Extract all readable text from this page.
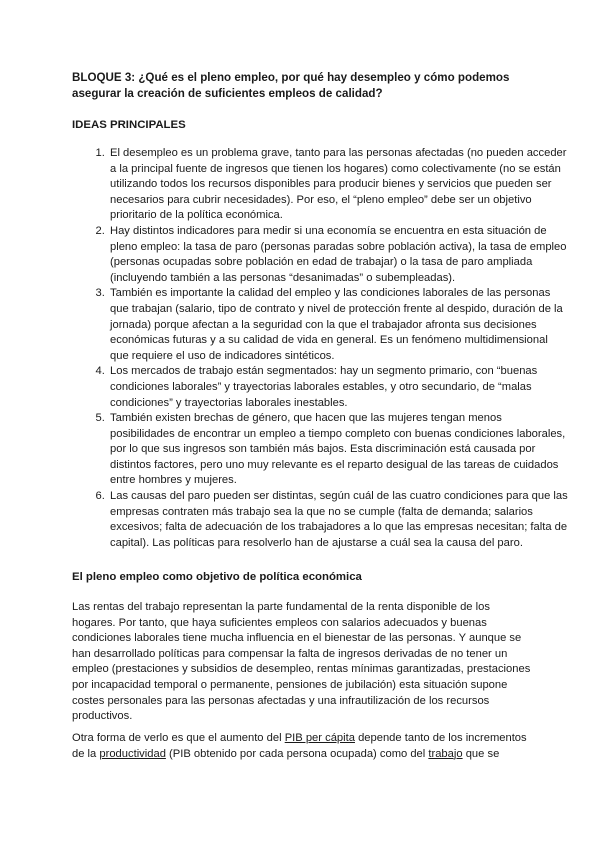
BLOQUE 3: ¿Qué es el pleno empleo, por qué hay desempleo y cómo podemos asegurar la creación de suficientes empleos de calidad?
IDEAS PRINCIPALES
1. El desempleo es un problema grave, tanto para las personas afectadas (no pueden acceder a la principal fuente de ingresos que tienen los hogares) como colectivamente (no se están utilizando todos los recursos disponibles para producir bienes y servicios que pueden ser necesarios para cubrir necesidades). Por eso, el “pleno empleo” debe ser un objetivo prioritario de la política económica.
2. Hay distintos indicadores para medir si una economía se encuentra en esta situación de pleno empleo: la tasa de paro (personas paradas sobre población activa), la tasa de empleo (personas ocupadas sobre población en edad de trabajar) o la tasa de paro ampliada (incluyendo también a las personas “desanimadas” o subempleadas).
3. También es importante la calidad del empleo y las condiciones laborales de las personas que trabajan (salario, tipo de contrato y nivel de protección frente al despido, duración de la jornada) porque afectan a la seguridad con la que el trabajador afronta sus decisiones económicas futuras y a su calidad de vida en general. Es un fenómeno multidimensional que requiere el uso de indicadores sintéticos.
4. Los mercados de trabajo están segmentados: hay un segmento primario, con “buenas condiciones laborales” y trayectorias laborales estables, y otro secundario, de “malas condiciones” y trayectorias laborales inestables.
5. También existen brechas de género, que hacen que las mujeres tengan menos posibilidades de encontrar un empleo a tiempo completo con buenas condiciones laborales, por lo que sus ingresos son también más bajos. Esta discriminación está causada por distintos factores, pero uno muy relevante es el reparto desigual de las tareas de cuidados entre hombres y mujeres.
6. Las causas del paro pueden ser distintas, según cuál de las cuatro condiciones para que las empresas contraten más trabajo sea la que no se cumple (falta de demanda; salarios excesivos; falta de adecuación de los trabajadores a lo que las empresas necesitan; falta de capital). Las políticas para resolverlo han de ajustarse a cuál sea la causa del paro.
El pleno empleo como objetivo de política económica

Las rentas del trabajo representan la parte fundamental de la renta disponible de los hogares. Por tanto, que haya suficientes empleos con salarios adecuados y buenas condiciones laborales tiene mucha influencia en el bienestar de las personas. Y aunque se han desarrollado políticas para compensar la falta de ingresos derivadas de no tener un empleo (prestaciones y subsidios de desempleo, rentas mínimas garantizadas, prestaciones por incapacidad temporal o permanente, pensiones de jubilación) esta situación supone costes personales para las personas afectadas y una infrautilización de los recursos productivos.

Otra forma de verlo es que el aumento del PIB per cápita depende tanto de los incrementos de la productividad (PIB obtenido por cada persona ocupada) como del trabajo que se
